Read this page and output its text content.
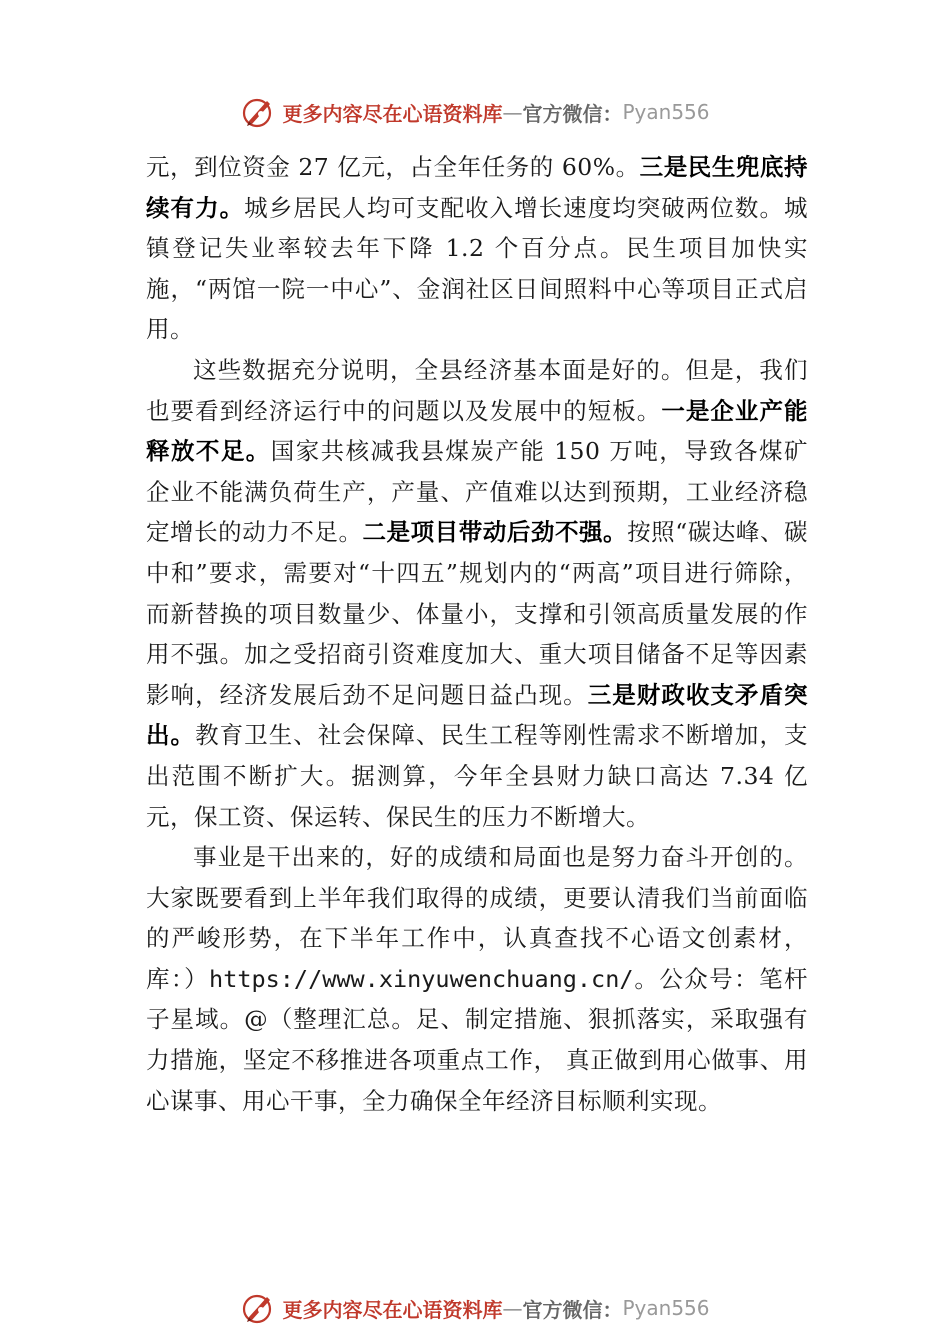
更多内容尽在心语资料库 — 官方微信： Pyan556

元，到位资金 27 亿元，占全年任务的 60%。三是民生兜底持续有力。城乡居民人均可支配收入增长速度均突破两位数。城镇登记失业率较去年下降 1.2 个百分点。民生项目加快实施，“两馆一院一中心”、金润社区日间照料中心等项目正式启用。

这些数据充分说明，全县经济基本面是好的。但是，我们也要看到经济运行中的问题以及发展中的短板。一是企业产能释放不足。国家共核减我县煤炭产能 150 万吨，导致各煤矿企业不能满负荷生产，产量、产值难以达到预期，工业经济稳定增长的动力不足。二是项目带动后劲不强。按照“碳达峰、碳中和”要求，需要对“十四五”规划内的“两高”项目进行筛除，而新替换的项目数量少、体量小，支撑和引领高质量发展的作用不强。加之受招商引资难度加大、重大项目储备不足等因素影响，经济发展后劲不足问题日益凸现。三是财政收支矛盾突出。教育卫生、社会保障、民生工程等刚性需求不断增加，支出范围不断扩大。据测算，今年全县财力缺口高达 7.34 亿元，保工资、保运转、保民生的压力不断增大。

事业是干出来的，好的成绩和局面也是努力奋斗开创的。大家既要看到上半年我们取得的成绩，更要认清我们当前面临的严峻形势，在下半年工作中，认真查找不心语文创素材，库：）https://www.xinyuwenchuang.cn/。公众号：笔杆子星域。@（整理汇总。足、制定措施、狠抓落实，采取强有力措施，坚定不移推进各项重点工作， 真正做到用心做事、用心谋事、用心干事，全力确保全年经济目标顺利实现。

更多内容尽在心语资料库 — 官方微信： Pyan556
